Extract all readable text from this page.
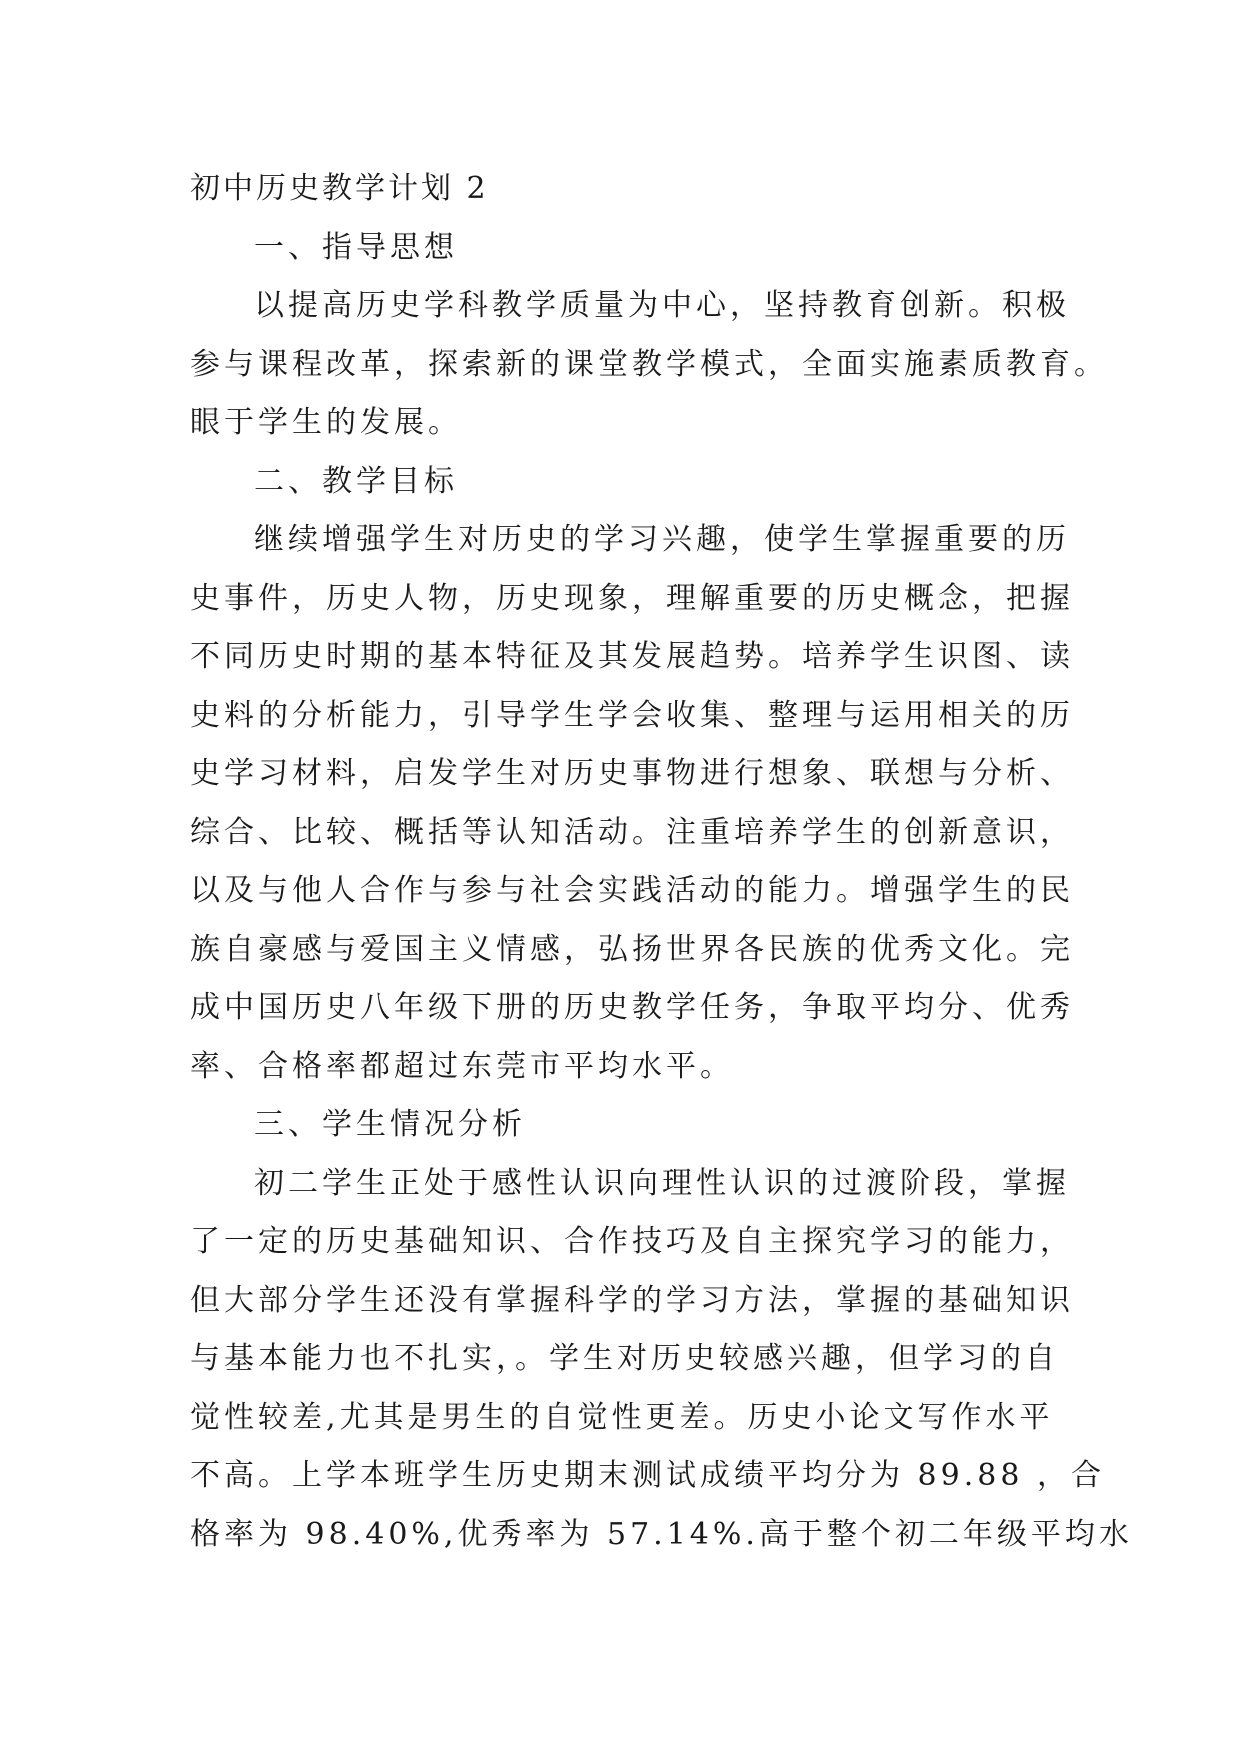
初中历史教学计划 2
一、指导思想
以提高历史学科教学质量为中心，坚持教育创新。积极
参与课程改革，探索新的课堂教学模式，全面实施素质教育。
眼于学生的发展。
二、教学目标
继续增强学生对历史的学习兴趣，使学生掌握重要的历
史事件，历史人物，历史现象，理解重要的历史概念，把握
不同历史时期的基本特征及其发展趋势。培养学生识图、读
史料的分析能力，引导学生学会收集、整理与运用相关的历
史学习材料，启发学生对历史事物进行想象、联想与分析、
综合、比较、概括等认知活动。注重培养学生的创新意识，
以及与他人合作与参与社会实践活动的能力。增强学生的民
族自豪感与爱国主义情感，弘扬世界各民族的优秀文化。完
成中国历史八年级下册的历史教学任务，争取平均分、优秀
率、合格率都超过东莞市平均水平。
三、学生情况分析
初二学生正处于感性认识向理性认识的过渡阶段，掌握
了一定的历史基础知识、合作技巧及自主探究学习的能力，
但大部分学生还没有掌握科学的学习方法，掌握的基础知识
与基本能力也不扎实，。学生对历史较感兴趣，但学习的自
觉性较差,尤其是男生的自觉性更差。历史小论文写作水平
不高。上学本班学生历史期末测试成绩平均分为 89.88 ，合
格率为 98.40%,优秀率为 57.14%.高于整个初二年级平均水
